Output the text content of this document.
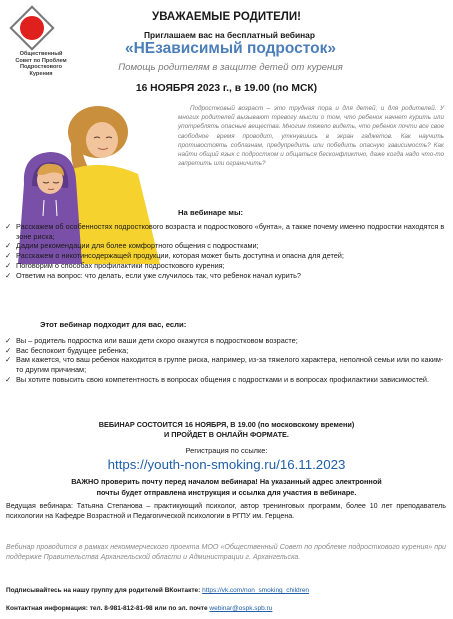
Общественный
Совет по Проблем
Подросткового
Курения
УВАЖАЕМЫЕ РОДИТЕЛИ!
Приглашаем вас на бесплатный вебинар
«НЕзависимый подросток»
Помощь родителям в защите детей от курения
16 НОЯБРЯ 2023 г., в 19.00 (по МСК)
Подростковый возраст – это трудная пора и для детей, и для родителей. У многих родителей вызывают тревогу мысли о том, что ребенок начнет курить или употреблять опасные вещества. Многим тяжело видеть, что ребенок почти все свое свободное время проводит, уткнувшись в экран гаджетов. Как научить противостоять соблазнам, предупредить или победить опасную зависимость? Как найти общий язык с подростком и общаться бесконфликтно, даже когда надо что-то запретить или ограничить?
На вебинаре мы:
✓ Расскажем об особенностях подросткового возраста и подросткового «бунта», а также почему именно подростки находятся в зоне риска;
✓ Дадим рекомендации для более комфортного общения с подростками;
✓ Расскажем о никотинсодержащей продукции, которая может быть доступна и опасна для детей;
✓ Поговорим о способах профилактики подросткового курения;
✓ Ответим на вопрос: что делать, если уже случилось так, что ребенок начал курить?
Этот вебинар подходит для вас, если:
✓ Вы – родитель подростка или ваши дети скоро окажутся в подростковом возрасте;
✓ Вас беспокоит будущее ребенка;
✓ Вам кажется, что ваш ребенок находится в группе риска, например, из-за тяжелого характера, неполной семьи или по каким-то другим причинам;
✓ Вы хотите повысить свою компетентность в вопросах общения с подростками и в вопросах профилактики зависимостей.
ВЕБИНАР СОСТОИТСЯ 16 НОЯБРЯ, В 19.00 (по московскому времени)
И ПРОЙДЕТ В ОНЛАЙН ФОРМАТЕ.
Регистрация по ссылке:
https://youth-non-smoking.ru/16.11.2023
ВАЖНО проверить почту перед началом вебинара! На указанный адрес электронной
почты будет отправлена инструкция и ссылка для участия в вебинаре.
Ведущая вебинара: Татьяна Степанова – практикующий психолог, автор тренинговых программ, более 10 лет преподаватель психологии на Кафедре Возрастной и Педагогической психологии в РГПУ им. Герцена.
Вебинар проводится в рамках некоммерческого проекта МОО «Общественный Совет по проблеме подросткового курения» при поддержке Правительства Архангельской области и Администрации г. Архангельска.
Подписывайтесь на нашу группу для родителей ВКонтакте: https://vk.com/non_smoking_children
Контактная информация: тел. 8-981-812-81-98 или по эл. почте webinar@ospk.spb.ru
